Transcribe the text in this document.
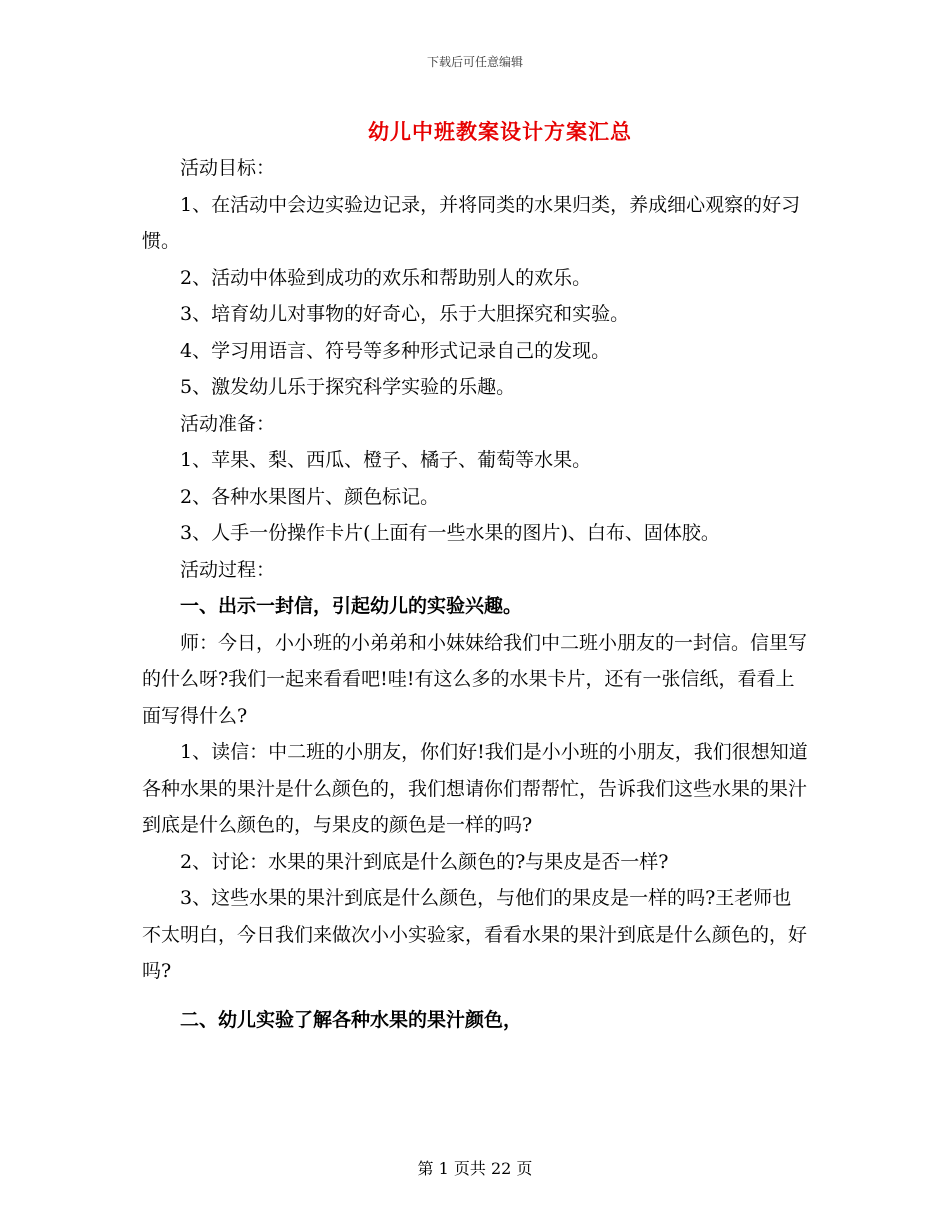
下载后可任意编辑
幼儿中班教案设计方案汇总

活动目标：

1、在活动中会边实验边记录，并将同类的水果归类，养成细心观察的好习惯。

2、活动中体验到成功的欢乐和帮助别人的欢乐。

3、培育幼儿对事物的好奇心，乐于大胆探究和实验。

4、学习用语言、符号等多种形式记录自己的发现。

5、激发幼儿乐于探究科学实验的乐趣。

活动准备：

1、苹果、梨、西瓜、橙子、橘子、葡萄等水果。

2、各种水果图片、颜色标记。

3、人手一份操作卡片(上面有一些水果的图片)、白布、固体胶。

活动过程：

一、出示一封信，引起幼儿的实验兴趣。

师：今日，小小班的小弟弟和小妹妹给我们中二班小朋友的一封信。信里写的什么呀?我们一起来看看吧!哇!有这么多的水果卡片，还有一张信纸，看看上面写得什么?

1、读信：中二班的小朋友，你们好!我们是小小班的小朋友，我们很想知道各种水果的果汁是什么颜色的，我们想请你们帮帮忙，告诉我们这些水果的果汁到底是什么颜色的，与果皮的颜色是一样的吗?

2、讨论：水果的果汁到底是什么颜色的?与果皮是否一样?

3、这些水果的果汁到底是什么颜色，与他们的果皮是一样的吗?王老师也不太明白，今日我们来做次小小实验家，看看水果的果汁到底是什么颜色的，好吗?

二、幼儿实验了解各种水果的果汁颜色，

第 1 页共 22 页
